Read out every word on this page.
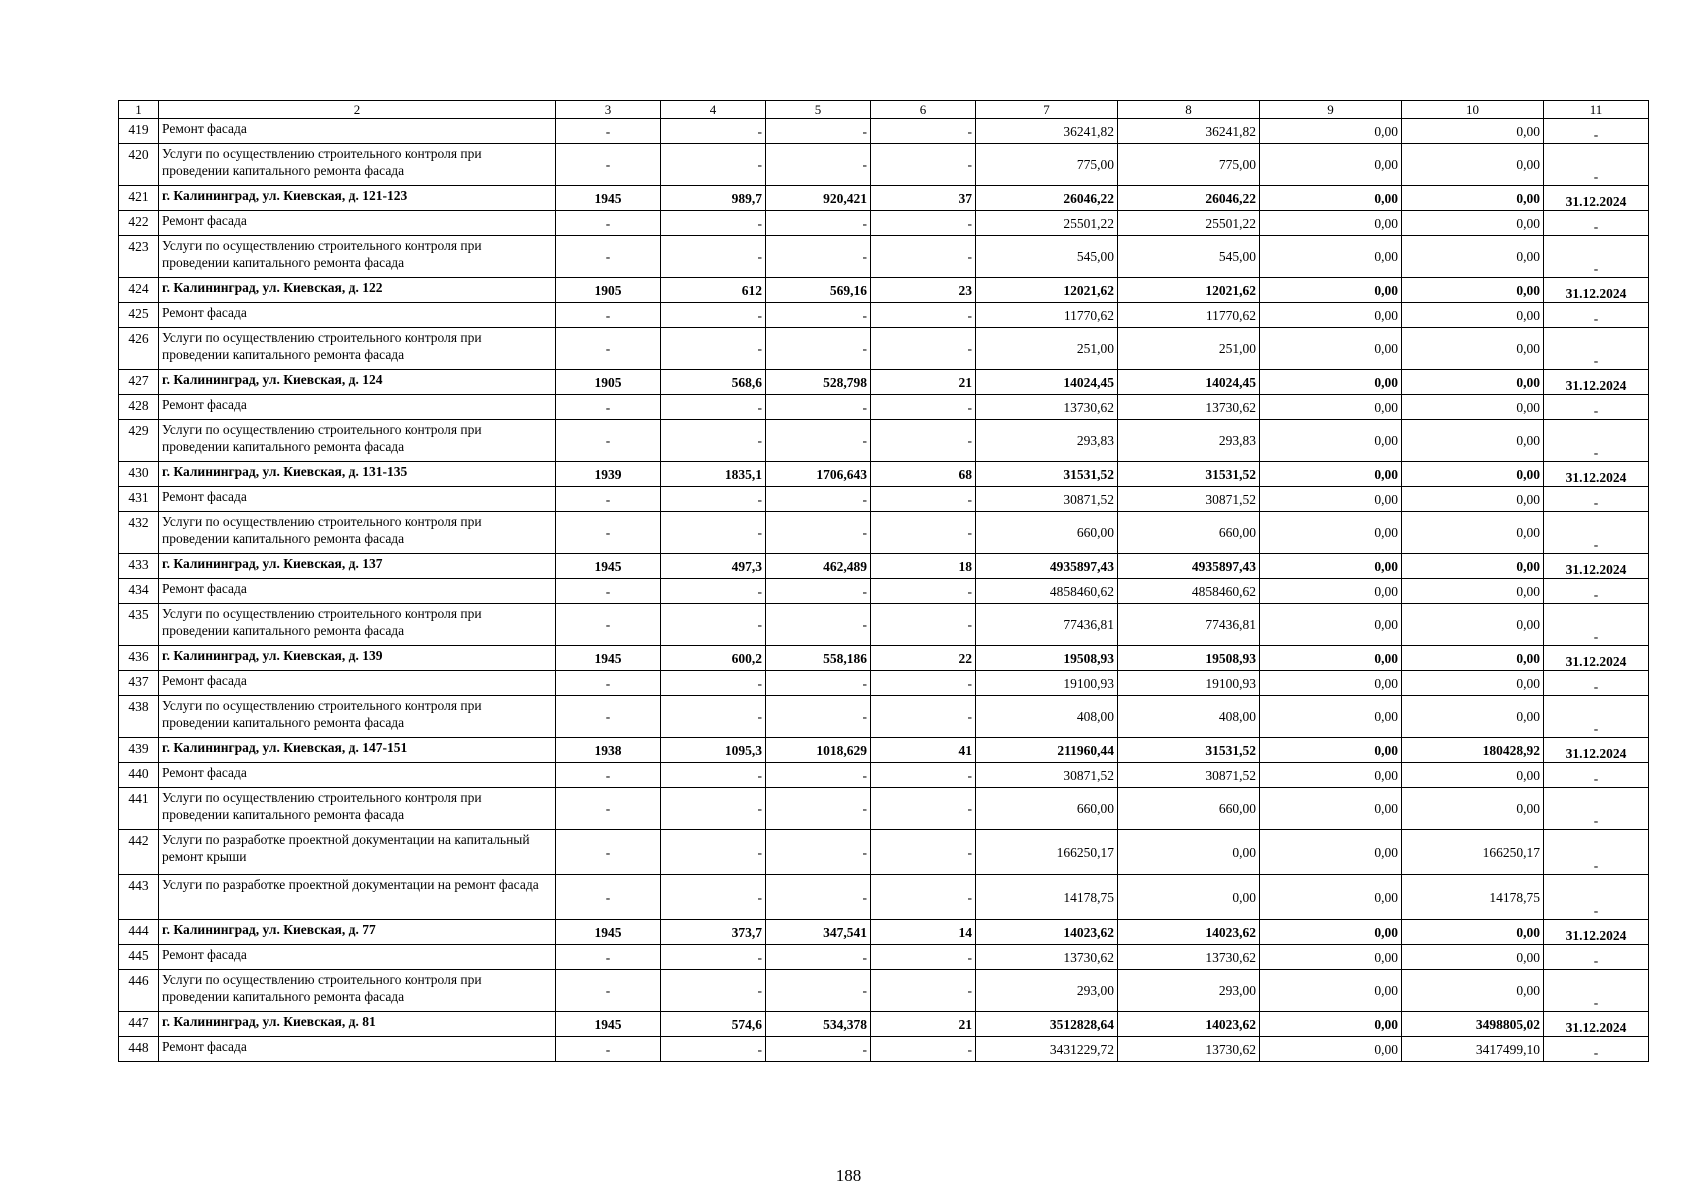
1	2	3	4	5	6	7	8	9	10	11
419	Ремонт фасада	-	-	-	-	36241,82	36241,82	0,00	0,00	-
420	Услуги по осуществлению строительного контроля при проведении капитального ремонта фасада	-	-	-	-	775,00	775,00	0,00	0,00	-
421	г. Калининград, ул. Киевская, д. 121-123	1945	989,7	920,421	37	26046,22	26046,22	0,00	0,00	31.12.2024
422	Ремонт фасада	-	-	-	-	25501,22	25501,22	0,00	0,00	-
423	Услуги по осуществлению строительного контроля при проведении капитального ремонта фасада	-	-	-	-	545,00	545,00	0,00	0,00	-
424	г. Калининград, ул. Киевская, д. 122	1905	612	569,16	23	12021,62	12021,62	0,00	0,00	31.12.2024
425	Ремонт фасада	-	-	-	-	11770,62	11770,62	0,00	0,00	-
426	Услуги по осуществлению строительного контроля при проведении капитального ремонта фасада	-	-	-	-	251,00	251,00	0,00	0,00	-
427	г. Калининград, ул. Киевская, д. 124	1905	568,6	528,798	21	14024,45	14024,45	0,00	0,00	31.12.2024
428	Ремонт фасада	-	-	-	-	13730,62	13730,62	0,00	0,00	-
429	Услуги по осуществлению строительного контроля при проведении капитального ремонта фасада	-	-	-	-	293,83	293,83	0,00	0,00	-
430	г. Калининград, ул. Киевская, д. 131-135	1939	1835,1	1706,643	68	31531,52	31531,52	0,00	0,00	31.12.2024
431	Ремонт фасада	-	-	-	-	30871,52	30871,52	0,00	0,00	-
432	Услуги по осуществлению строительного контроля при проведении капитального ремонта фасада	-	-	-	-	660,00	660,00	0,00	0,00	-
433	г. Калининград, ул. Киевская, д. 137	1945	497,3	462,489	18	4935897,43	4935897,43	0,00	0,00	31.12.2024
434	Ремонт фасада	-	-	-	-	4858460,62	4858460,62	0,00	0,00	-
435	Услуги по осуществлению строительного контроля при проведении капитального ремонта фасада	-	-	-	-	77436,81	77436,81	0,00	0,00	-
436	г. Калининград, ул. Киевская, д. 139	1945	600,2	558,186	22	19508,93	19508,93	0,00	0,00	31.12.2024
437	Ремонт фасада	-	-	-	-	19100,93	19100,93	0,00	0,00	-
438	Услуги по осуществлению строительного контроля при проведении капитального ремонта фасада	-	-	-	-	408,00	408,00	0,00	0,00	-
439	г. Калининград, ул. Киевская, д. 147-151	1938	1095,3	1018,629	41	211960,44	31531,52	0,00	180428,92	31.12.2024
440	Ремонт фасада	-	-	-	-	30871,52	30871,52	0,00	0,00	-
441	Услуги по осуществлению строительного контроля при проведении капитального ремонта фасада	-	-	-	-	660,00	660,00	0,00	0,00	-
442	Услуги по разработке проектной документации на капитальный ремонт крыши	-	-	-	-	166250,17	0,00	0,00	166250,17	-
443	Услуги по разработке проектной документации на ремонт фасада	-	-	-	-	14178,75	0,00	0,00	14178,75	-
444	г. Калининград, ул. Киевская, д. 77	1945	373,7	347,541	14	14023,62	14023,62	0,00	0,00	31.12.2024
445	Ремонт фасада	-	-	-	-	13730,62	13730,62	0,00	0,00	-
446	Услуги по осуществлению строительного контроля при проведении капитального ремонта фасада	-	-	-	-	293,00	293,00	0,00	0,00	-
447	г. Калининград, ул. Киевская, д. 81	1945	574,6	534,378	21	3512828,64	14023,62	0,00	3498805,02	31.12.2024
448	Ремонт фасада	-	-	-	-	3431229,72	13730,62	0,00	3417499,10	-
188
